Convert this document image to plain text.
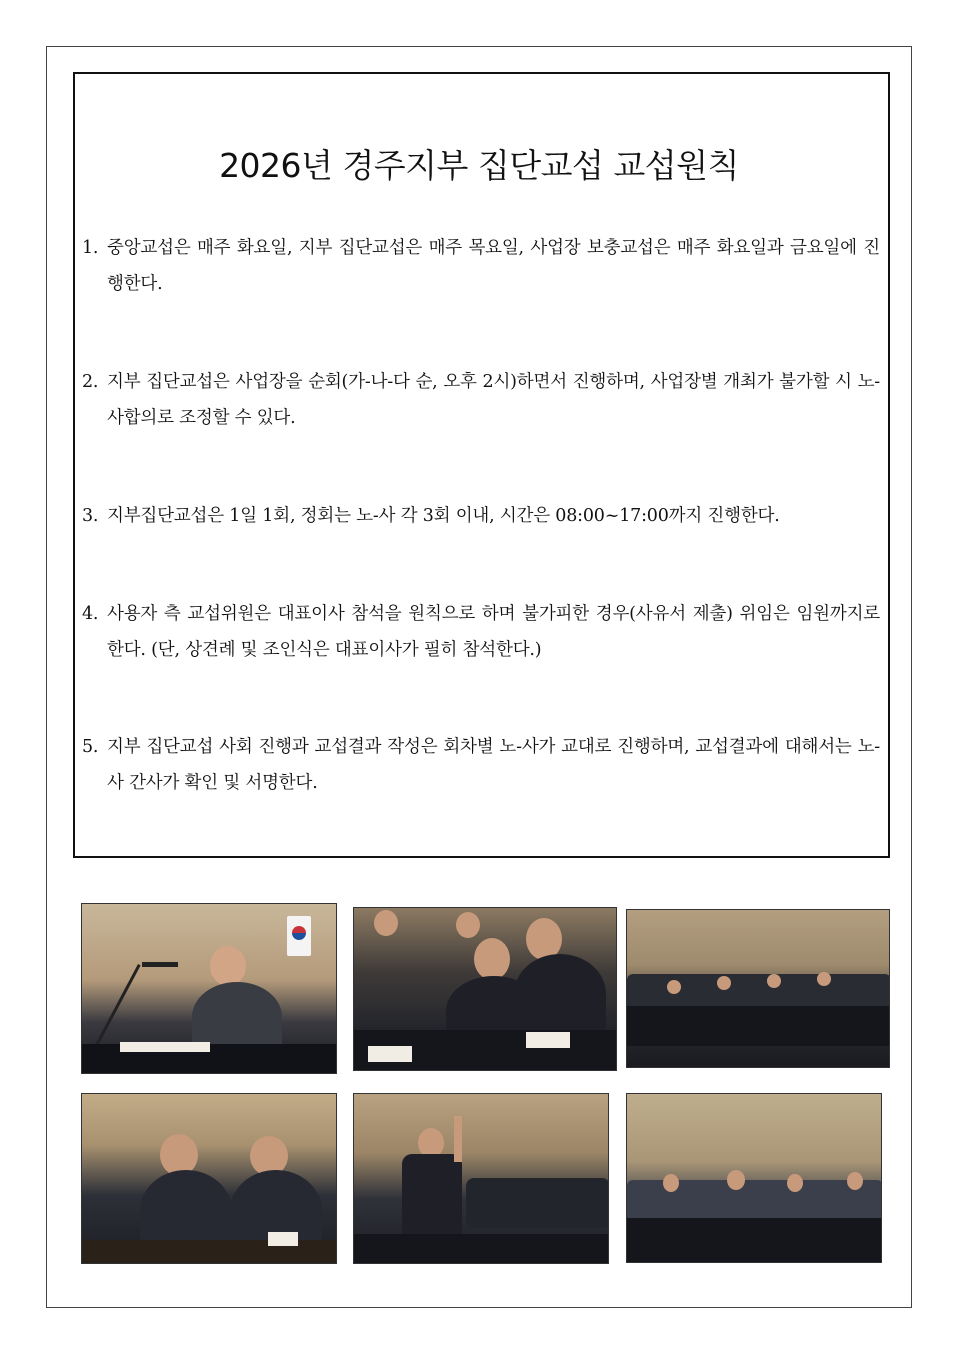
2026년 경주지부 집단교섭 교섭원칙
1. 중앙교섭은 매주 화요일, 지부 집단교섭은 매주 목요일, 사업장 보충교섭은 매주 화요일과 금요일에 진행한다.
2. 지부 집단교섭은 사업장을 순회(가-나-다 순, 오후 2시)하면서 진행하며, 사업장별 개최가 불가할 시 노-사합의로 조정할 수 있다.
3. 지부집단교섭은 1일 1회, 정회는 노-사 각 3회 이내, 시간은 08:00~17:00까지 진행한다.
4. 사용자 측 교섭위원은 대표이사 참석을 원칙으로 하며 불가피한 경우(사유서 제출) 위임은 임원까지로 한다. (단, 상견례 및 조인식은 대표이사가 필히 참석한다.)
5. 지부 집단교섭 사회 진행과 교섭결과 작성은 회차별 노-사가 교대로 진행하며, 교섭결과에 대해서는 노-사 간사가 확인 및 서명한다.
